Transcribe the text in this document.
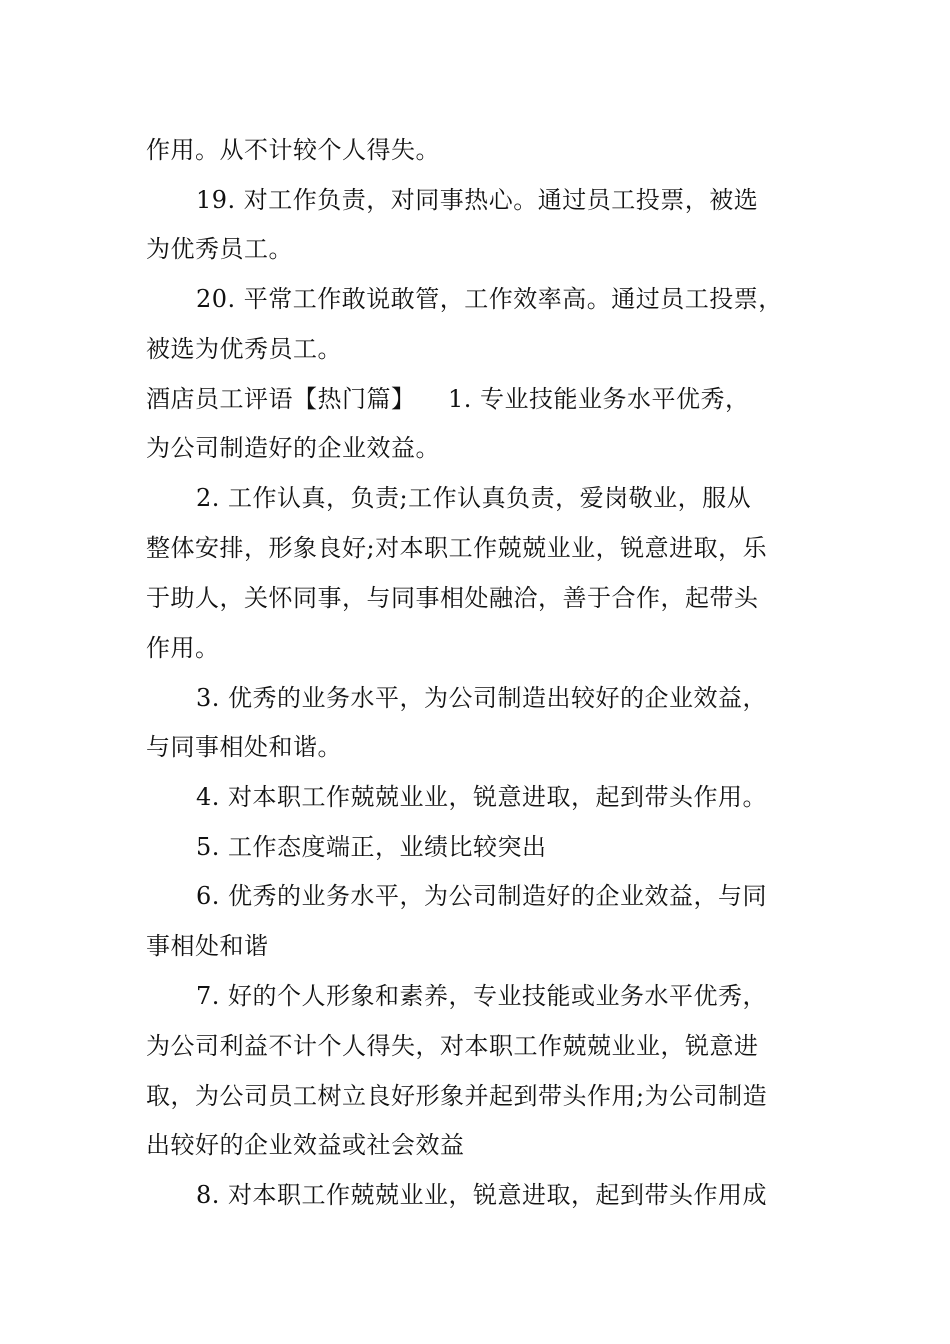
作用。从不计较个人得失。
19. 对工作负责，对同事热心。通过员工投票，被选
为优秀员工。
20. 平常工作敢说敢管，工作效率高。通过员工投票，
被选为优秀员工。
酒店员工评语【热门篇】    1. 专业技能业务水平优秀，
为公司制造好的企业效益。
2. 工作认真，负责;工作认真负责，爱岗敬业，服从
整体安排，形象良好;对本职工作兢兢业业，锐意进取，乐
于助人，关怀同事，与同事相处融洽，善于合作，起带头
作用。
3. 优秀的业务水平，为公司制造出较好的企业效益，
与同事相处和谐。
4. 对本职工作兢兢业业，锐意进取，起到带头作用。
5. 工作态度端正，业绩比较突出
6. 优秀的业务水平，为公司制造好的企业效益，与同
事相处和谐
7. 好的个人形象和素养，专业技能或业务水平优秀，
为公司利益不计个人得失，对本职工作兢兢业业，锐意进
取，为公司员工树立良好形象并起到带头作用;为公司制造
出较好的企业效益或社会效益
8. 对本职工作兢兢业业，锐意进取，起到带头作用成
